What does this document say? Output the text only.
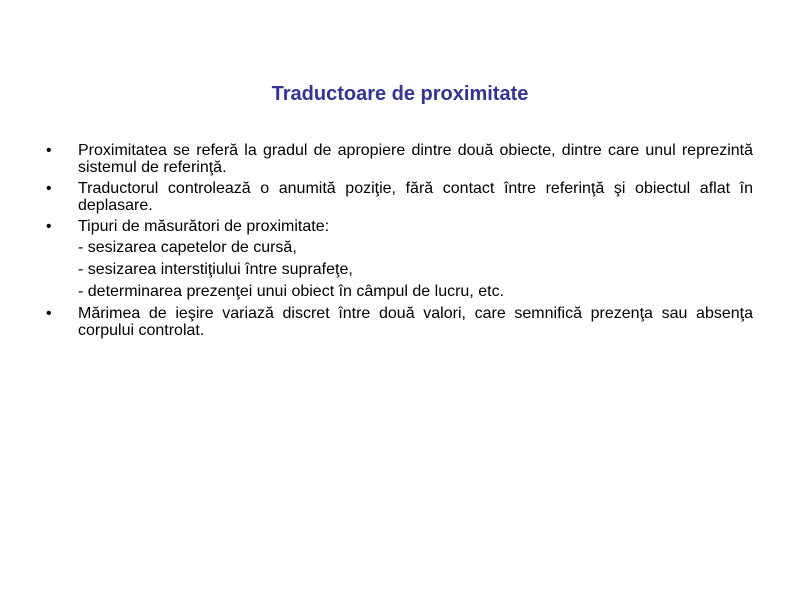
Traductoare de proximitate
•	Proximitatea se referă la gradul de apropiere dintre două obiecte, dintre care unul reprezintă sistemul de referinţă.
•	Traductorul controlează o anumită poziţie, fără contact între referinţă şi obiectul aflat în deplasare.
•	Tipuri de măsurători de proximitate:
- sesizarea capetelor de cursă,
- sesizarea interstiţiului între suprafeţe,
- determinarea prezenţei unui obiect în câmpul de lucru, etc.
•	Mărimea de ieşire variază discret între două valori, care semnifică prezenţa sau absenţa corpului controlat.
